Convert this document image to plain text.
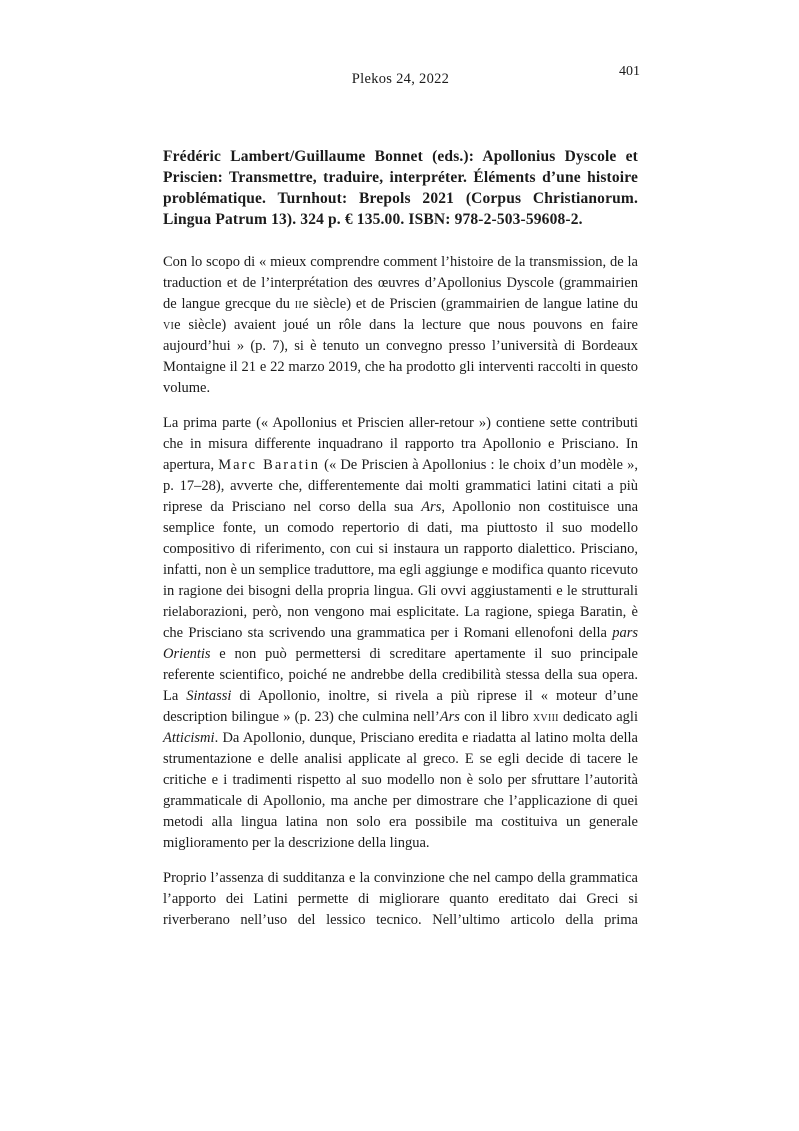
Plekos 24, 2022	401
Frédéric Lambert/Guillaume Bonnet (eds.): Apollonius Dyscole et Priscien: Transmettre, traduire, interpréter. Éléments d’une histoire problématique. Turnhout: Brepols 2021 (Corpus Christianorum. Lingua Patrum 13). 324 p. € 135.00. ISBN: 978-2-503-59608-2.

Con lo scopo di « mieux comprendre comment l’histoire de la transmission, de la traduction et de l’interprétation des œuvres d’Apollonius Dyscole (grammairien de langue grecque du iie siècle) et de Priscien (grammairien de langue latine du vie siècle) avaient joué un rôle dans la lecture que nous pouvons en faire aujourd’hui » (p. 7), si è tenuto un convegno presso l’università di Bordeaux Montaigne il 21 e 22 marzo 2019, che ha prodotto gli interventi raccolti in questo volume.

La prima parte (« Apollonius et Priscien aller-retour ») contiene sette contributi che in misura differente inquadrano il rapporto tra Apollonio e Prisciano. In apertura, Marc Baratin (« De Priscien à Apollonius : le choix d’un modèle », p. 17–28), avverte che, differentemente dai molti grammatici latini citati a più riprese da Prisciano nel corso della sua Ars, Apollonio non costituisce una semplice fonte, un comodo repertorio di dati, ma piuttosto il suo modello compositivo di riferimento, con cui si instaura un rapporto dialettico. Prisciano, infatti, non è un semplice traduttore, ma egli aggiunge e modifica quanto ricevuto in ragione dei bisogni della propria lingua. Gli ovvi aggiustamenti e le strutturali rielaborazioni, però, non vengono mai esplicitate. La ragione, spiega Baratin, è che Prisciano sta scrivendo una grammatica per i Romani ellenofoni della pars Orientis e non può permettersi di screditare apertamente il suo principale referente scientifico, poiché ne andrebbe della credibilità stessa della sua opera. La Sintassi di Apollonio, inoltre, si rivela a più riprese il « moteur d’une description bilingue » (p. 23) che culmina nell’Ars con il libro xviii dedicato agli Atticismi. Da Apollonio, dunque, Prisciano eredita e riadatta al latino molta della strumentazione e delle analisi applicate al greco. E se egli decide di tacere le critiche e i tradimenti rispetto al suo modello non è solo per sfruttare l’autorità grammaticale di Apollonio, ma anche per dimostrare che l’applicazione di quei metodi alla lingua latina non solo era possibile ma costituiva un generale miglioramento per la descrizione della lingua.

Proprio l’assenza di sudditanza e la convinzione che nel campo della grammatica l’apporto dei Latini permette di migliorare quanto ereditato dai Greci si riverberano nell’uso del lessico tecnico. Nell’ultimo articolo della prima
